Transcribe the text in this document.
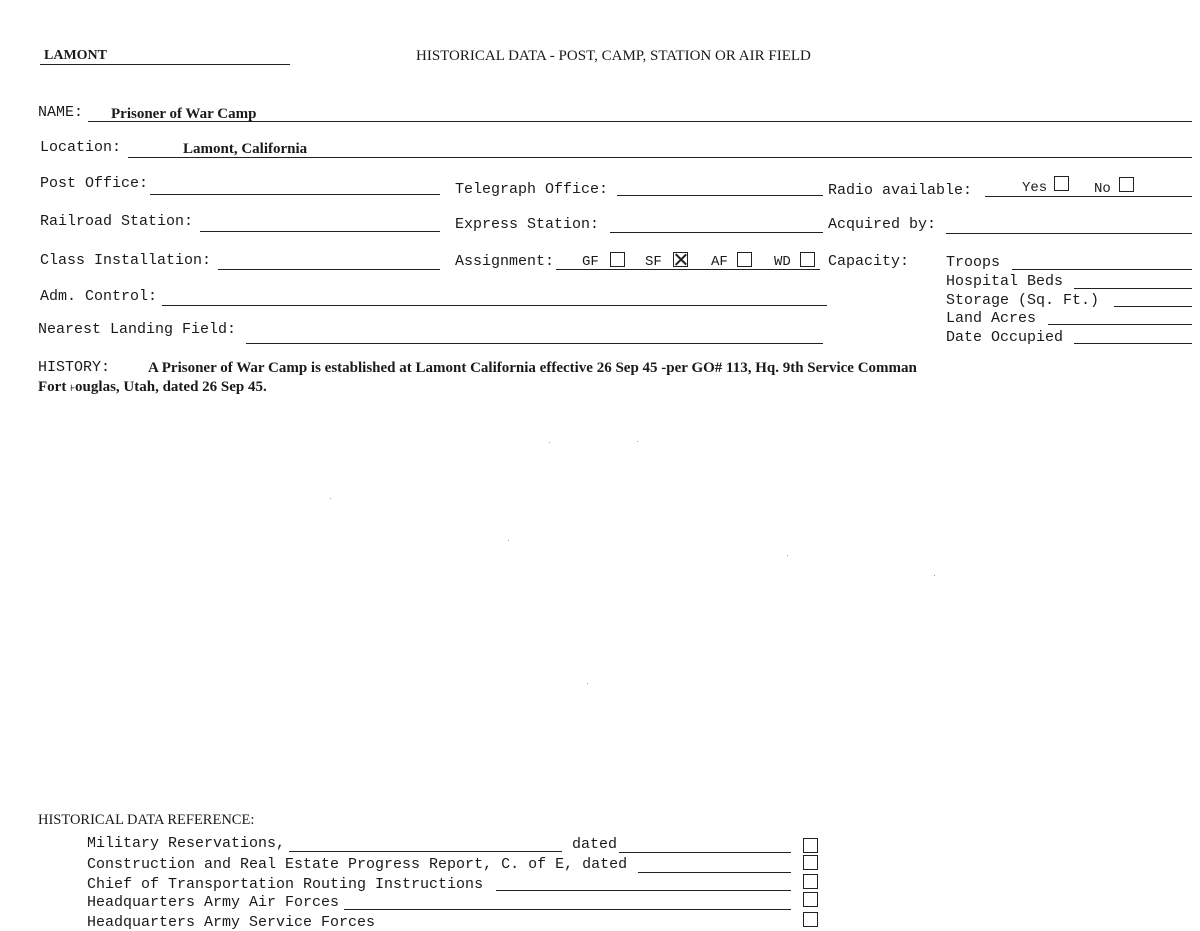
LAMONT	HISTORICAL DATA - POST, CAMP, STATION OR AIR FIELD
NAME: Prisoner of War Camp
Location:	Lamont, California
Post Office:	Telegraph Office:	Radio available:	Yes	No
Railroad Station:	Express Station:	Acquired by:
Class Installation:	Assignment: GF	SF	AF	WD Capacity: Troops
Hospital Beds
Storage (Sq. Ft.)
Land Acres
Date Occupied
Adm. Control:
Nearest Landing Field:
HISTORY:	A Prisoner of War Camp is established at Lamont California effective 26 Sep 45 -per GO# 113, Hq. 9th Service Comman
Fort ˫ouglas, Utah, dated 26 Sep 45.
HISTORICAL DATA REFERENCE:
Military Reservations,	dated
Construction and Real Estate Progress Report, C. of E, dated
Chief of Transportation Routing Instructions
Headquarters Army Air Forces
Headquarters Army Service Forces
